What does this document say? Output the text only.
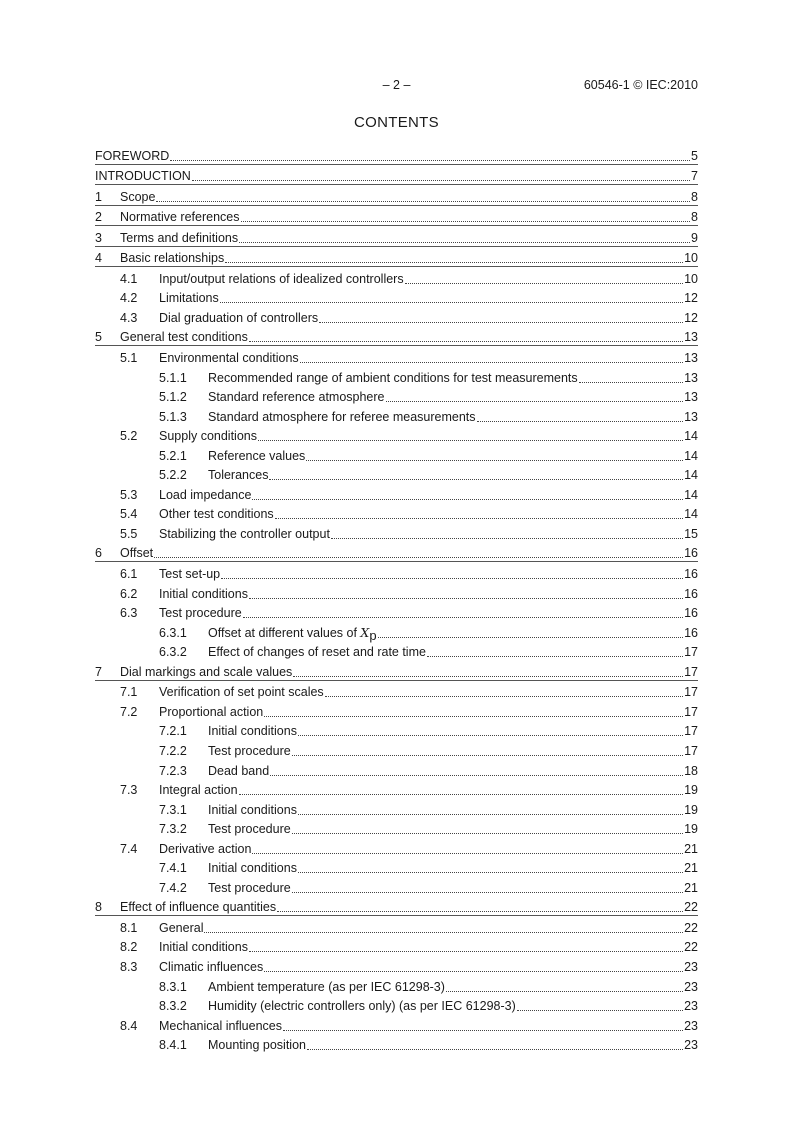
– 2 –	60546-1 © IEC:2010
CONTENTS
FOREWORD	5
INTRODUCTION	7
1	Scope	8
2	Normative references	8
3	Terms and definitions	9
4	Basic relationships	10
4.1	Input/output relations of idealized controllers	10
4.2	Limitations	12
4.3	Dial graduation of controllers	12
5	General test conditions	13
5.1	Environmental conditions	13
5.1.1	Recommended range of ambient conditions for test measurements	13
5.1.2	Standard reference atmosphere	13
5.1.3	Standard atmosphere for referee measurements	13
5.2	Supply conditions	14
5.2.1	Reference values	14
5.2.2	Tolerances	14
5.3	Load impedance	14
5.4	Other test conditions	14
5.5	Stabilizing the controller output	15
6	Offset	16
6.1	Test set-up	16
6.2	Initial conditions	16
6.3	Test procedure	16
6.3.1	Offset at different values of Xp	16
6.3.2	Effect of changes of reset and rate time	17
7	Dial markings and scale values	17
7.1	Verification of set point scales	17
7.2	Proportional action	17
7.2.1	Initial conditions	17
7.2.2	Test procedure	17
7.2.3	Dead band	18
7.3	Integral action	19
7.3.1	Initial conditions	19
7.3.2	Test procedure	19
7.4	Derivative action	21
7.4.1	Initial conditions	21
7.4.2	Test procedure	21
8	Effect of influence quantities	22
8.1	General	22
8.2	Initial conditions	22
8.3	Climatic influences	23
8.3.1	Ambient temperature (as per IEC 61298-3)	23
8.3.2	Humidity (electric controllers only) (as per IEC 61298-3)	23
8.4	Mechanical influences	23
8.4.1	Mounting position	23
